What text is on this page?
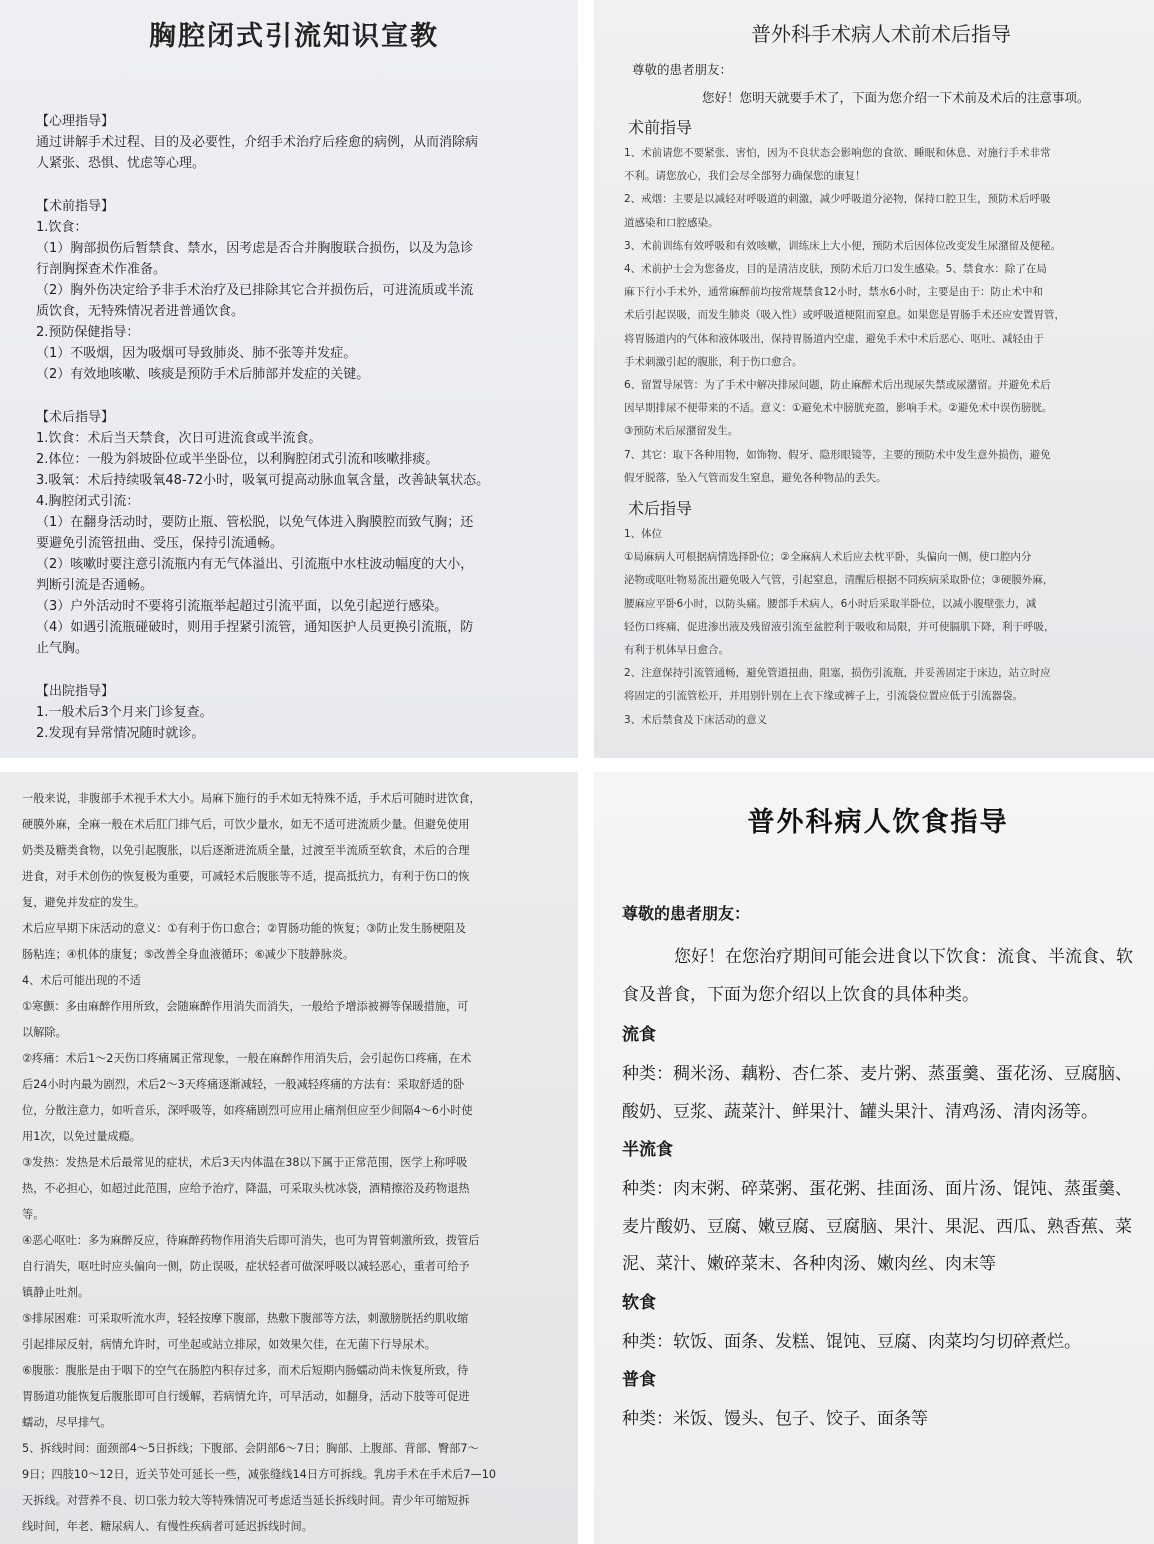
胸腔闭式引流知识宣教
【心理指导】
通过讲解手术过程、目的及必要性，介绍手术治疗后痊愈的病例，从而消除病
人紧张、恐惧、忧虑等心理。
【术前指导】
1.饮食：
（1）胸部损伤后暂禁食、禁水，因考虑是否合并胸腹联合损伤，以及为急诊
行剖胸探查术作准备。
（2）胸外伤决定给予非手术治疗及已排除其它合并损伤后，可进流质或半流
质饮食，无特殊情况者进普通饮食。
2.预防保健指导：
（1）不吸烟，因为吸烟可导致肺炎、肺不张等并发症。
（2）有效地咳嗽、咳痰是预防手术后肺部并发症的关键。
【术后指导】
1.饮食：术后当天禁食，次日可进流食或半流食。
2.体位：一般为斜坡卧位或半坐卧位，以利胸腔闭式引流和咳嗽排痰。
3.吸氧：术后持续吸氧48-72小时，吸氧可提高动脉血氧含量，改善缺氧状态。
4.胸腔闭式引流：
（1）在翻身活动时，要防止瓶、管松脱，以免气体进入胸膜腔而致气胸；还
要避免引流管扭曲、受压，保持引流通畅。
（2）咳嗽时要注意引流瓶内有无气体溢出、引流瓶中水柱波动幅度的大小，
判断引流是否通畅。
（3）户外活动时不要将引流瓶举起超过引流平面，以免引起逆行感染。
（4）如遇引流瓶碰破时，则用手捏紧引流管，通知医护人员更换引流瓶，防
止气胸。
【出院指导】
1.一般术后3个月来门诊复查。
2.发现有异常情况随时就诊。
普外科手术病人术前术后指导
尊敬的患者朋友：
您好！您明天就要手术了，下面为您介绍一下术前及术后的注意事项。
术前指导
1、术前请您不要紧张、害怕，因为不良状态会影响您的食欲、睡眠和休息、对施行手术非常
不利。请您放心，我们会尽全部努力确保您的康复！
2、戒烟：主要是以减轻对呼吸道的刺激，减少呼吸道分泌物，保持口腔卫生，预防术后呼吸
道感染和口腔感染。
3、术前训练有效呼吸和有效咳嗽，训练床上大小便，预防术后因体位改变发生尿潴留及便秘。
4、术前护士会为您备皮，目的是清洁皮肤，预防术后刀口发生感染。5、禁食水：除了在局
麻下行小手术外，通常麻醉前均按常规禁食12小时，禁水6小时，主要是由于：防止术中和
术后引起误吸，而发生肺炎（吸入性）或呼吸道梗阻而窒息。如果您是胃肠手术还应安置胃管，
将胃肠道内的气体和液体吸出，保持胃肠道内空虚，避免手术中术后恶心、呕吐、减轻由于
手术刺激引起的腹胀，利于伤口愈合。
6、留置导尿管：为了手术中解决排尿问题，防止麻醉术后出现尿失禁或尿潴留。并避免术后
因早期排尿不便带来的不适。意义：①避免术中膀胱充盈，影响手术。②避免术中误伤膀胱。
③预防术后尿潴留发生。
7、其它：取下各种用物，如饰物、假牙、隐形眼镜等，主要的预防术中发生意外损伤，避免
假牙脱落，坠入气管而发生窒息，避免各种物品的丢失。
术后指导
1、体位
①局麻病人可根据病情选择卧位；②全麻病人术后应去枕平卧，头偏向一侧，使口腔内分
泌物或呕吐物易流出避免吸入气管，引起窒息，清醒后根据不同疾病采取卧位；③硬膜外麻，
腰麻应平卧6小时，以防头痛。腰部手术病人，6小时后采取半卧位，以减小腹壁张力，减
轻伤口疼痛，促进渗出液及残留液引流至盆腔利于吸收和局限，并可使膈肌下降，利于呼吸，
有利于机体早日愈合。
2、注意保持引流管通畅，避免管道扭曲，阻塞，损伤引流瓶，并妥善固定于床边，站立时应
将固定的引流管松开，并用别针别在上衣下缘或裤子上，引流袋位置应低于引流器袋。
3、术后禁食及下床活动的意义
一般来说，非腹部手术视手术大小。局麻下施行的手术如无特殊不适，手术后可随时进饮食，
硬膜外麻，全麻一般在术后肛门排气后，可饮少量水，如无不适可进流质少量。但避免使用
奶类及糖类食物，以免引起腹胀，以后逐渐进流质全量，过渡至半流质至软食，术后的合理
进食，对手术创伤的恢复极为重要，可减轻术后腹胀等不适，提高抵抗力，有利于伤口的恢
复，避免并发症的发生。
术后应早期下床活动的意义：①有利于伤口愈合；②胃肠功能的恢复；③防止发生肠梗阻及
肠粘连；④机体的康复；⑤改善全身血液循环；⑥减少下肢静脉炎。
4、术后可能出现的不适
①寒颤：多由麻醉作用所致，会随麻醉作用消失而消失，一般给予增添被褥等保暖措施，可
以解除。
②疼痛：术后1～2天伤口疼痛属正常现象，一般在麻醉作用消失后，会引起伤口疼痛，在术
后24小时内最为剧烈，术后2～3天疼痛逐渐减轻，一般减轻疼痛的方法有：采取舒适的卧
位，分散注意力，如听音乐，深呼吸等，如疼痛剧烈可应用止痛剂但应至少间隔4～6小时使
用1次，以免过量成瘾。
③发热：发热是术后最常见的症状，术后3天内体温在38以下属于正常范围，医学上称呼吸
热，不必担心，如超过此范围，应给予治疗，降温，可采取头枕冰袋，酒精擦浴及药物退热
等。
④恶心呕吐：多为麻醉反应，待麻醉药物作用消失后即可消失，也可为胃管刺激所致，拨管后
自行消失，呕吐时应头偏向一侧，防止误吸，症状轻者可做深呼吸以减轻恶心，重者可给予
镇静止吐剂。
⑤排尿困难：可采取听流水声，轻轻按摩下腹部，热敷下腹部等方法，刺激膀胱括约肌收缩
引起排尿反射，病情允许时，可坐起或站立排尿，如效果欠佳，在无菌下行导尿术。
⑥腹胀：腹胀是由于咽下的空气在肠腔内积存过多，而术后短期内肠蠕动尚未恢复所致，待
胃肠道功能恢复后腹胀即可自行缓解，若病情允许，可早活动，如翻身，活动下肢等可促进
蠕动，尽早排气。
5、拆线时间：面颈部4～5日拆线；下腹部、会阴部6～7日；胸部、上腹部、背部、臀部7～
9日；四肢10～12日，近关节处可延长一些，减张缝线14日方可拆线。乳房手术在手术后7—10
天拆线。对营养不良、切口张力较大等特殊情况可考虑适当延长拆线时间。青少年可缩短拆
线时间，年老、糖尿病人、有慢性疾病者可延迟拆线时间。
普外科病人饮食指导
尊敬的患者朋友：
您好！在您治疗期间可能会进食以下饮食：流食、半流食、软食及普食，下面为您介绍以上饮食的具体种类。
流食
种类：稠米汤、藕粉、杏仁茶、麦片粥、蒸蛋羹、蛋花汤、豆腐脑、酸奶、豆浆、蔬菜汁、鲜果汁、罐头果汁、清鸡汤、清肉汤等。
半流食
种类：肉末粥、碎菜粥、蛋花粥、挂面汤、面片汤、馄饨、蒸蛋羹、麦片酸奶、豆腐、嫩豆腐、豆腐脑、果汁、果泥、西瓜、熟香蕉、菜泥、菜汁、嫩碎菜末、各种肉汤、嫩肉丝、肉末等
软食
种类：软饭、面条、发糕、馄饨、豆腐、肉菜均匀切碎煮烂。
普食
种类：米饭、馒头、包子、饺子、面条等
